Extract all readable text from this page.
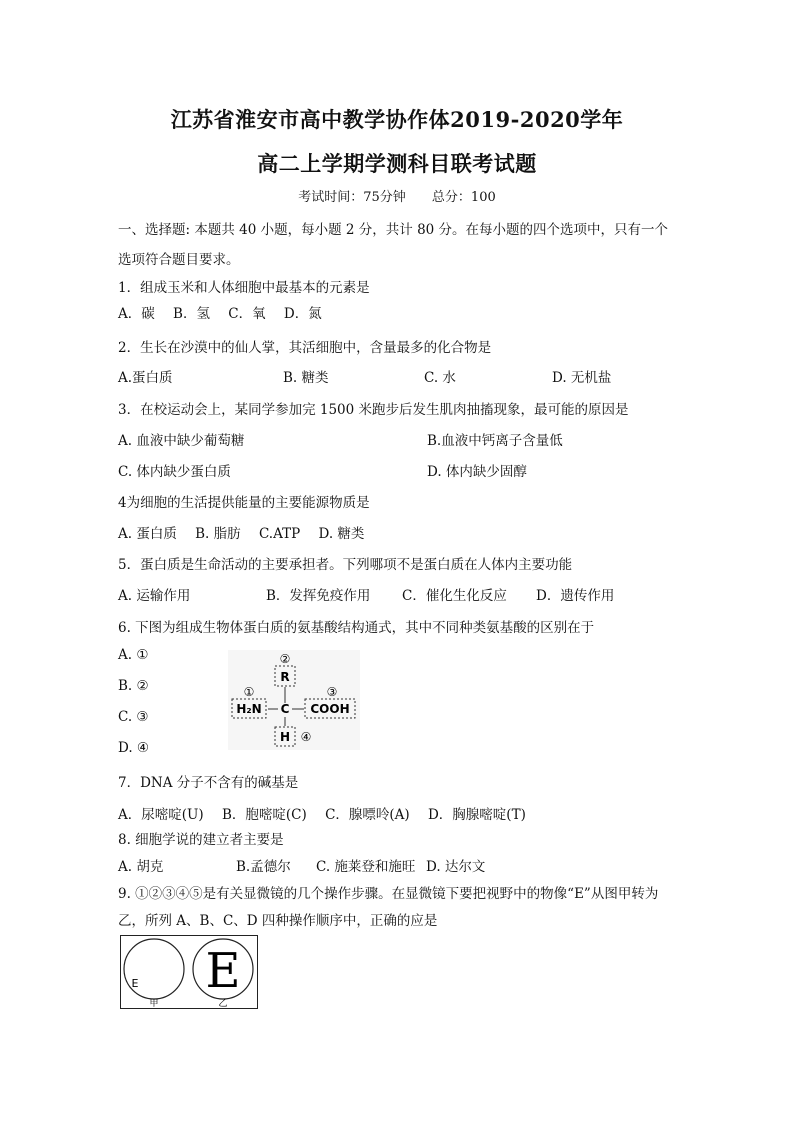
江苏省淮安市高中教学协作体2019-2020学年
高二上学期学测科目联考试题
考试时间：75分钟 总分：100
一、选择题: 本题共 40 小题，每小题 2 分，共计 80 分。在每小题的四个选项中，只有一个
选项符合题目要求。
1．组成玉米和人体细胞中最基本的元素是
A．碳 B．氢 C．氧 D．氮
2．生长在沙漠中的仙人掌，其活细胞中，含量最多的化合物是
A.蛋白质	B. 糖类	C. 水	D. 无机盐
3．在校运动会上，某同学参加完 1500 米跑步后发生肌肉抽搐现象，最可能的原因是
A. 血液中缺少葡萄糖	B.血液中钙离子含量低
C. 体内缺少蛋白质	D. 体内缺少固醇
4为细胞的生活提供能量的主要能源物质是
A. 蛋白质 B. 脂肪 C.ATP D. 糖类
5．蛋白质是生命活动的主要承担者。下列哪项不是蛋白质在人体内主要功能
A. 运输作用	B．发挥免疫作用 C．催化生化反应 D．遗传作用
6. 下图为组成生物体蛋白质的氨基酸结构通式，其中不同种类氨基酸的区别在于
A. ①
B. ②
C. ③
D. ④
②
R
①
H₂N C
③
COOH
H ④
7．DNA 分子不含有的碱基是
A．尿嘧啶(U) B．胞嘧啶(C) C．腺嘌呤(A) D．胸腺嘧啶(T)
8. 细胞学说的建立者主要是
A. 胡克	B.孟德尔 C. 施莱登和施旺 D. 达尔文
9. ①②③④⑤是有关显微镜的几个操作步骤。在显微镜下要把视野中的物像“E”从图甲转为
乙，所列 A、B、C、D 四种操作顺序中，正确的应是
E
甲
E
乙
